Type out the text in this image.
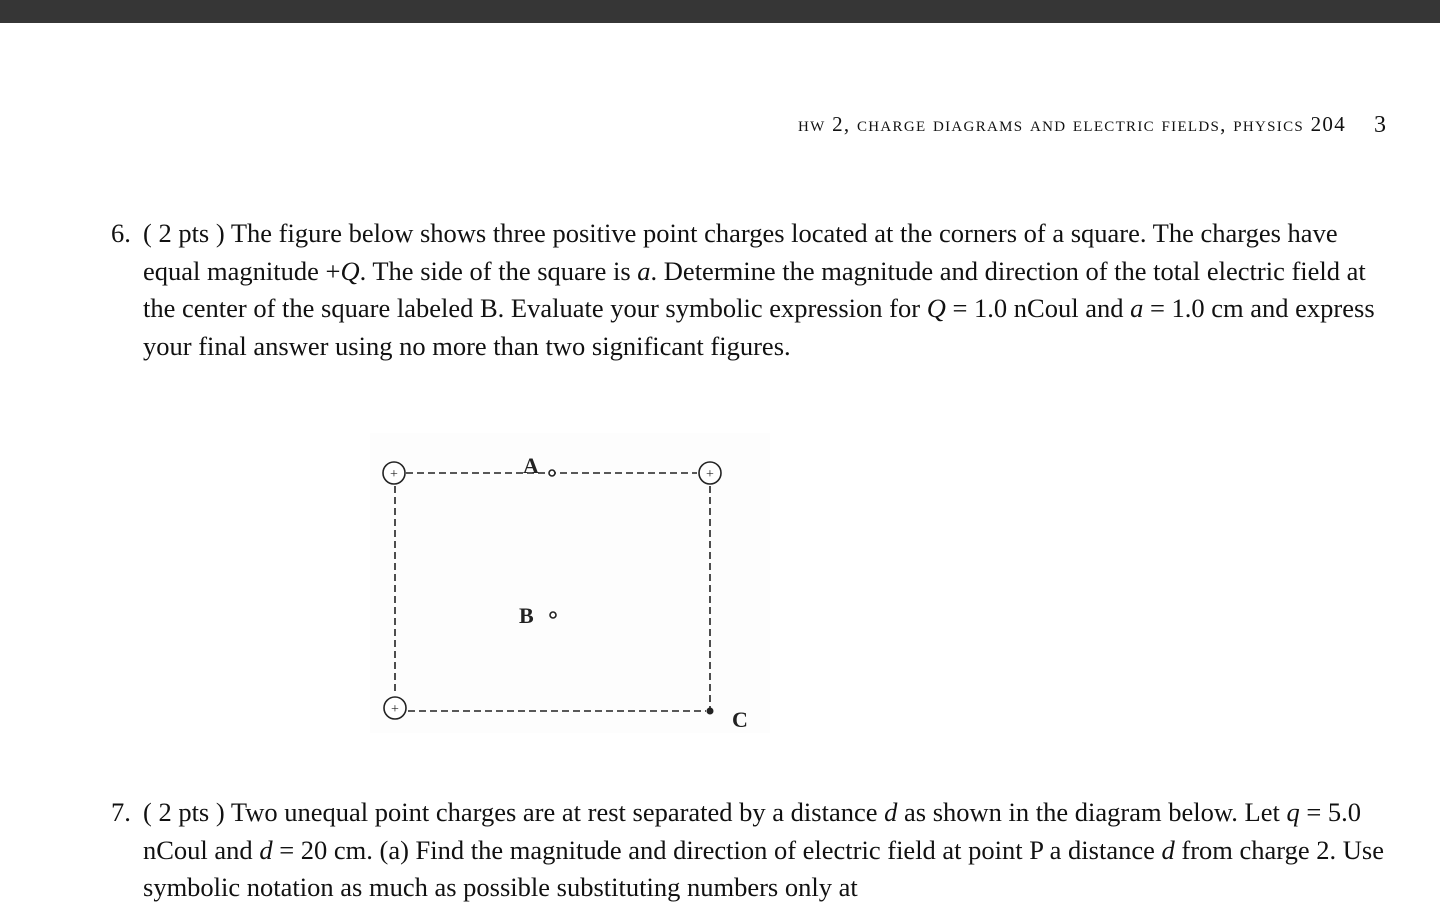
hw 2, charge diagrams and electric fields, physics 204 3
6. ( 2 pts ) The figure below shows three positive point charges located at the corners of a square. The charges have equal magnitude +Q. The side of the square is a. Determine the magnitude and direction of the total electric field at the center of the square labeled B. Evaluate your symbolic expression for Q = 1.0 nCoul and a = 1.0 cm and express your final answer using no more than two significant figures.

+	+
+
A
B
C
7. ( 2 pts ) Two unequal point charges are at rest separated by a distance d as shown in the diagram below. Let q = 5.0 nCoul and d = 20 cm. (a) Find the magnitude and direction of electric field at point P a distance d from charge 2. Use symbolic notation as much as possible substituting numbers only at
